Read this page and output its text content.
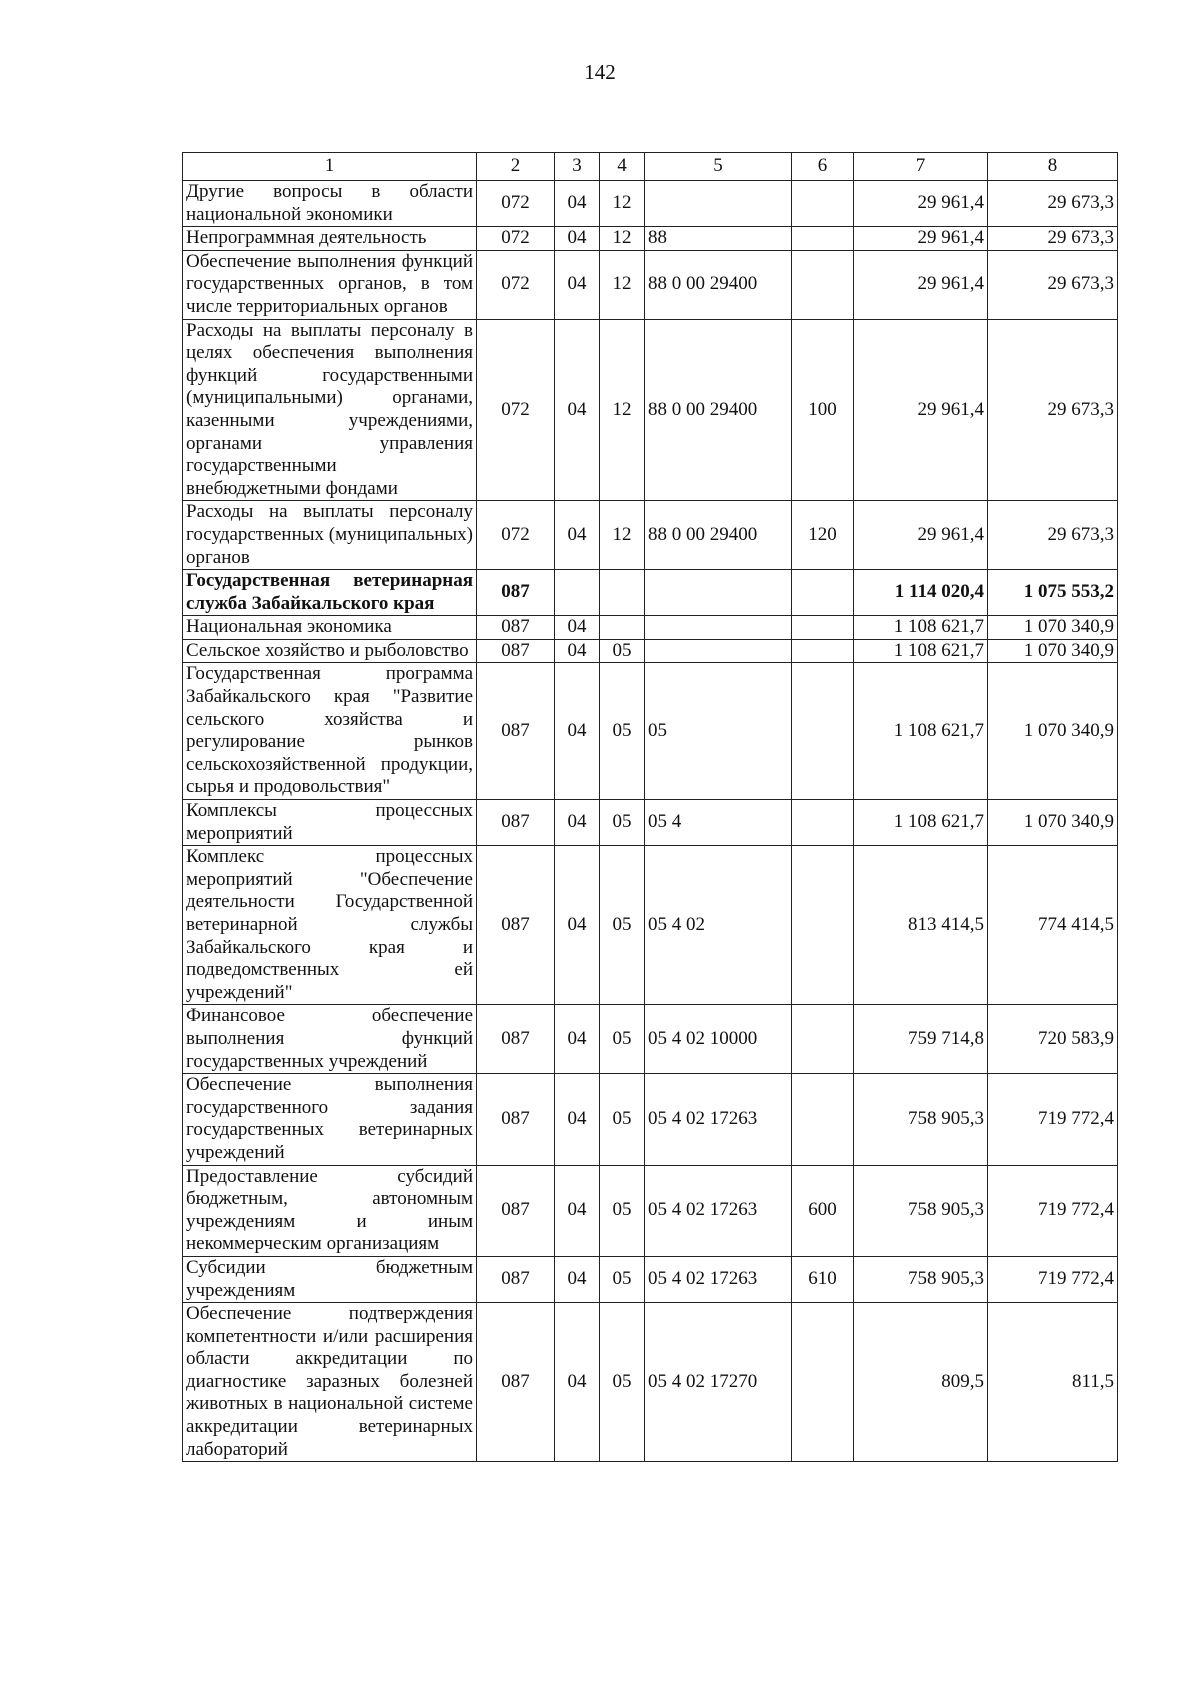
142
1	2	3	4	5	6	7	8
Другие вопросы в области национальной экономики	072	04	12			29 961,4	29 673,3
Непрограммная деятельность	072	04	12	88		29 961,4	29 673,3
Обеспечение выполнения функций государственных органов, в том числе территориальных органов	072	04	12	88 0 00 29400		29 961,4	29 673,3
Расходы на выплаты персоналу в целях обеспечения выполнения функций государственными (муниципальными) органами, казенными учреждениями, органами управления государственными внебюджетными фондами	072	04	12	88 0 00 29400	100	29 961,4	29 673,3
Расходы на выплаты персоналу государственных (муниципальных) органов	072	04	12	88 0 00 29400	120	29 961,4	29 673,3
Государственная ветеринарная служба Забайкальского края	087					1 114 020,4	1 075 553,2
Национальная экономика	087	04				1 108 621,7	1 070 340,9
Сельское хозяйство и рыболовство	087	04	05			1 108 621,7	1 070 340,9
Государственная программа Забайкальского края "Развитие сельского хозяйства и регулирование рынков сельскохозяйственной продукции, сырья и продовольствия"	087	04	05	05		1 108 621,7	1 070 340,9
Комплексы процессных мероприятий	087	04	05	05 4		1 108 621,7	1 070 340,9
Комплекс процессных мероприятий "Обеспечение деятельности Государственной ветеринарной службы Забайкальского края и подведомственных ей учреждений"	087	04	05	05 4 02		813 414,5	774 414,5
Финансовое обеспечение выполнения функций государственных учреждений	087	04	05	05 4 02 10000		759 714,8	720 583,9
Обеспечение выполнения государственного задания государственных ветеринарных учреждений	087	04	05	05 4 02 17263		758 905,3	719 772,4
Предоставление субсидий бюджетным, автономным учреждениям и иным некоммерческим организациям	087	04	05	05 4 02 17263	600	758 905,3	719 772,4
Субсидии бюджетным учреждениям	087	04	05	05 4 02 17263	610	758 905,3	719 772,4
Обеспечение подтверждения компетентности и/или расширения области аккредитации по диагностике заразных болезней животных в национальной системе аккредитации ветеринарных лабораторий	087	04	05	05 4 02 17270		809,5	811,5
